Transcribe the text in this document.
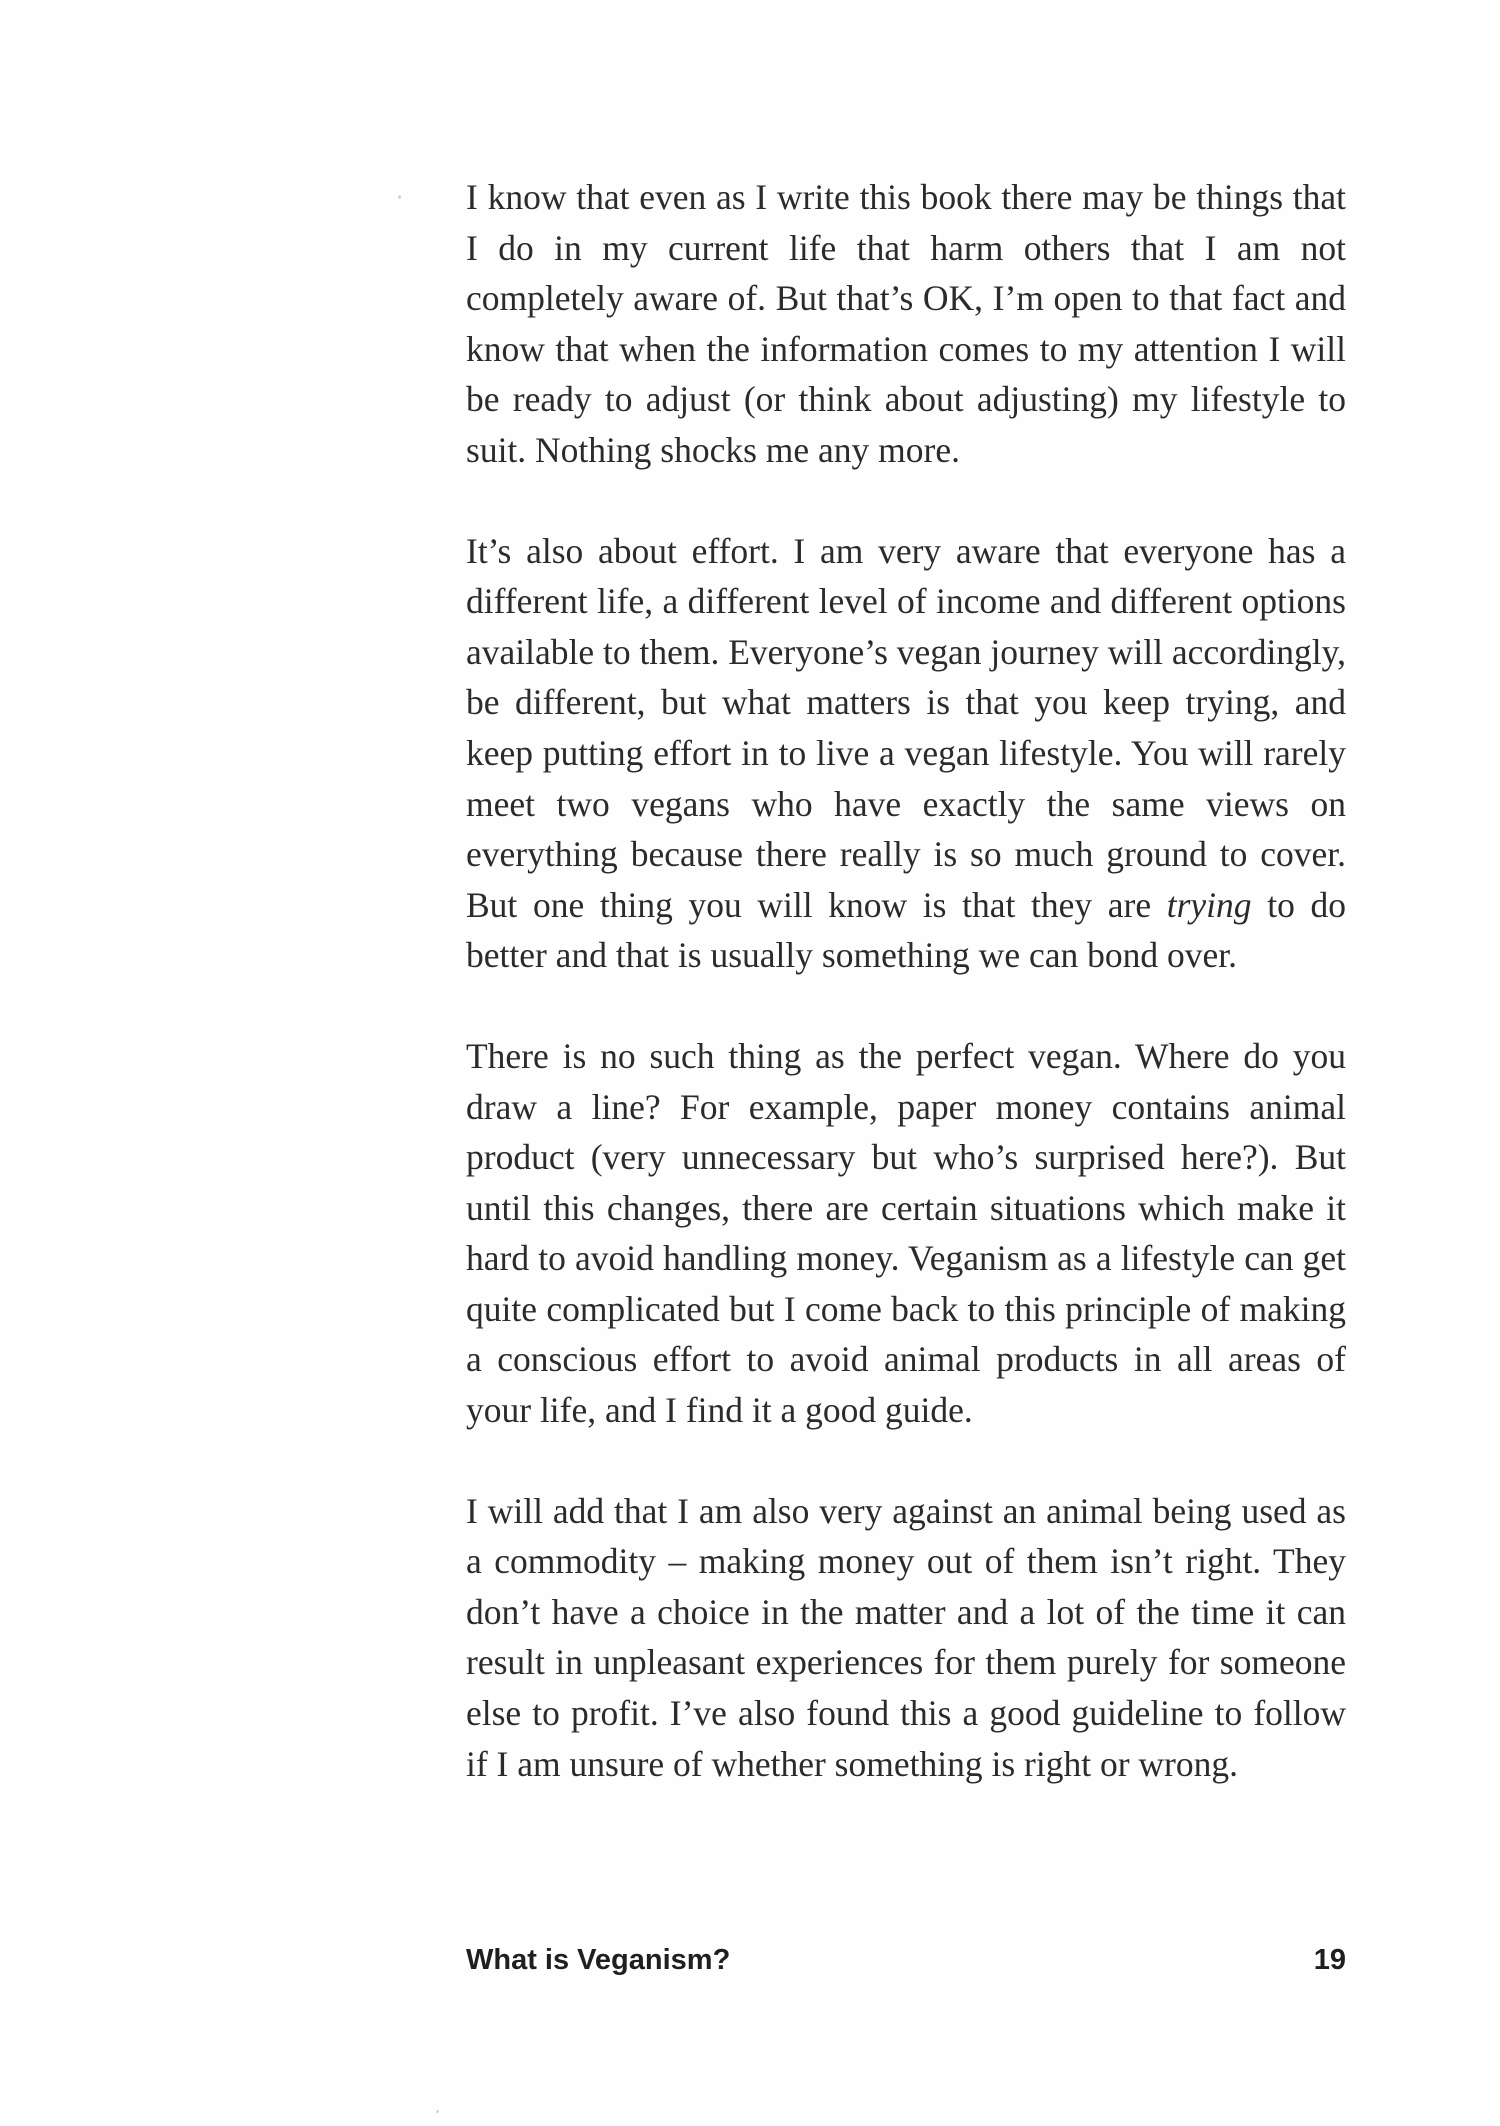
I know that even as I write this book there may be things that I do in my current life that harm others that I am not completely aware of. But that’s OK, I’m open to that fact and know that when the information comes to my attention I will be ready to adjust (or think about adjusting) my lifestyle to suit. Nothing shocks me any more.

It’s also about effort. I am very aware that everyone has a different life, a different level of income and different options available to them. Everyone’s vegan journey will accordingly, be different, but what matters is that you keep trying, and keep putting effort in to live a vegan lifestyle. You will rarely meet two vegans who have exactly the same views on everything because there really is so much ground to cover. But one thing you will know is that they are trying to do better and that is usually something we can bond over.

There is no such thing as the perfect vegan. Where do you draw a line? For example, paper money contains animal product (very unnecessary but who’s surprised here?). But until this changes, there are certain situations which make it hard to avoid handling money. Veganism as a lifestyle can get quite complicated but I come back to this principle of making a conscious effort to avoid animal products in all areas of your life, and I find it a good guide.

I will add that I am also very against an animal being used as a commodity – making money out of them isn’t right. They don’t have a choice in the matter and a lot of the time it can result in unpleasant experiences for them purely for someone else to profit. I’ve also found this a good guideline to follow if I am unsure of whether something is right or wrong.

What is Veganism?	19
